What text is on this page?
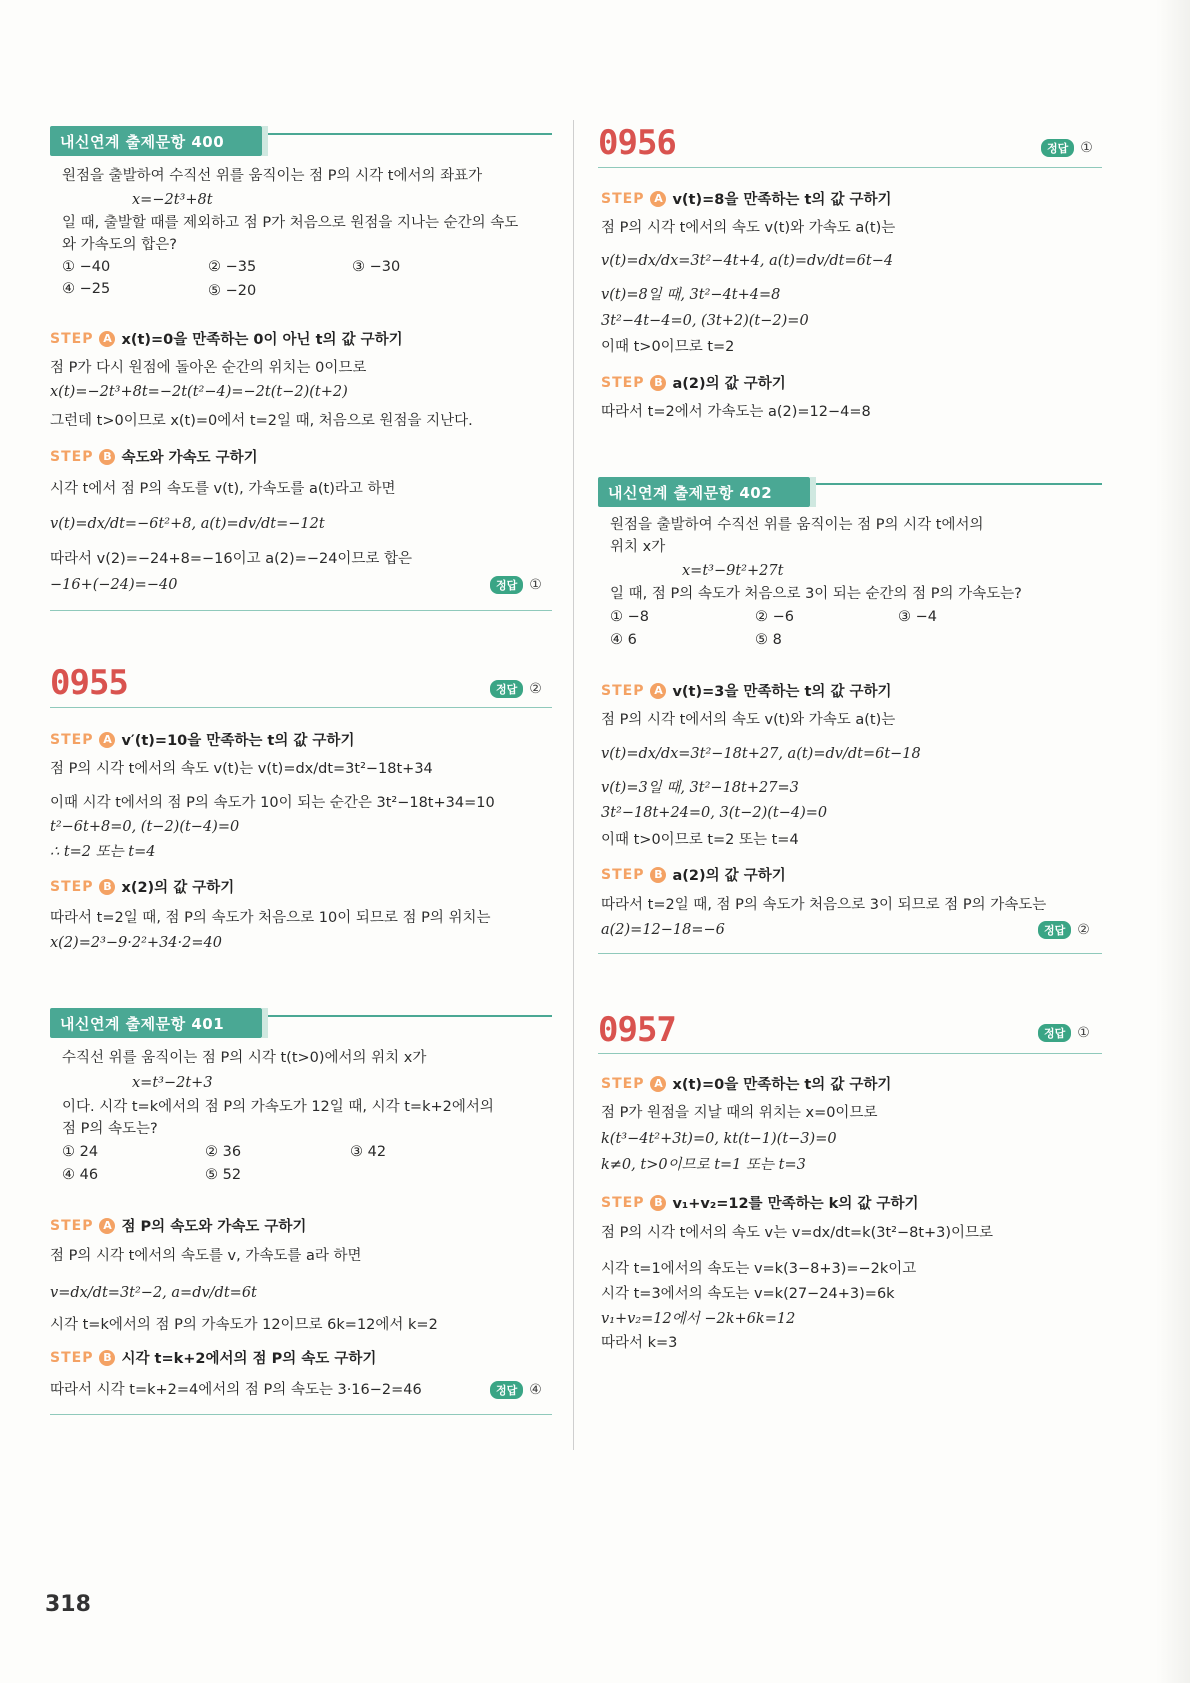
내신연계 출제문항 400
원점을 출발하여 수직선 위를 움직이는 점 P의 시각 t에서의 좌표가
x=−2t³+8t
일 때, 출발할 때를 제외하고 점 P가 처음으로 원점을 지나는 순간의 속도
와 가속도의 합은?
① −40	② −35	③ −30
④ −25	⑤ −20
STEP A x(t)=0을 만족하는 0이 아닌 t의 값 구하기
점 P가 다시 원점에 돌아온 순간의 위치는 0이므로
x(t)=−2t³+8t=−2t(t²−4)=−2t(t−2)(t+2)
그런데 t>0이므로 x(t)=0에서 t=2일 때, 처음으로 원점을 지난다.
STEP B 속도와 가속도 구하기
시각 t에서 점 P의 속도를 v(t), 가속도를 a(t)라고 하면
v(t)=dx/dt=−6t²+8, a(t)=dv/dt=−12t
따라서 v(2)=−24+8=−16이고 a(2)=−24이므로 합은
−16+(−24)=−40	정답 ①
0955	정답 ②
STEP A v′(t)=10을 만족하는 t의 값 구하기
점 P의 시각 t에서의 속도 v(t)는 v(t)=dx/dt=3t²−18t+34
이때 시각 t에서의 점 P의 속도가 10이 되는 순간은 3t²−18t+34=10
t²−6t+8=0, (t−2)(t−4)=0
∴ t=2 또는 t=4
STEP B x(2)의 값 구하기
따라서 t=2일 때, 점 P의 속도가 처음으로 10이 되므로 점 P의 위치는
x(2)=2³−9·2²+34·2=40
내신연계 출제문항 401
수직선 위를 움직이는 점 P의 시각 t(t>0)에서의 위치 x가
x=t³−2t+3
이다. 시각 t=k에서의 점 P의 가속도가 12일 때, 시각 t=k+2에서의
점 P의 속도는?
① 24	② 36	③ 42
④ 46	⑤ 52
STEP A 점 P의 속도와 가속도 구하기
점 P의 시각 t에서의 속도를 v, 가속도를 a라 하면
v=dx/dt=3t²−2, a=dv/dt=6t
시각 t=k에서의 점 P의 가속도가 12이므로 6k=12에서 k=2
STEP B 시각 t=k+2에서의 점 P의 속도 구하기
따라서 시각 t=k+2=4에서의 점 P의 속도는 3·16−2=46	정답 ④
0956	정답 ①
STEP A v(t)=8을 만족하는 t의 값 구하기
점 P의 시각 t에서의 속도 v(t)와 가속도 a(t)는
v(t)=dx/dx=3t²−4t+4, a(t)=dv/dt=6t−4
v(t)=8일 때, 3t²−4t+4=8
3t²−4t−4=0, (3t+2)(t−2)=0
이때 t>0이므로 t=2
STEP B a(2)의 값 구하기
따라서 t=2에서 가속도는 a(2)=12−4=8
내신연계 출제문항 402
원점을 출발하여 수직선 위를 움직이는 점 P의 시각 t에서의
위치 x가
x=t³−9t²+27t
일 때, 점 P의 속도가 처음으로 3이 되는 순간의 점 P의 가속도는?
① −8	② −6	③ −4
④ 6	⑤ 8
STEP A v(t)=3을 만족하는 t의 값 구하기
점 P의 시각 t에서의 속도 v(t)와 가속도 a(t)는
v(t)=dx/dx=3t²−18t+27, a(t)=dv/dt=6t−18
v(t)=3일 때, 3t²−18t+27=3
3t²−18t+24=0, 3(t−2)(t−4)=0
이때 t>0이므로 t=2 또는 t=4
STEP B a(2)의 값 구하기
따라서 t=2일 때, 점 P의 속도가 처음으로 3이 되므로 점 P의 가속도는
a(2)=12−18=−6	정답 ②
0957	정답 ①
STEP A x(t)=0을 만족하는 t의 값 구하기
점 P가 원점을 지날 때의 위치는 x=0이므로
k(t³−4t²+3t)=0, kt(t−1)(t−3)=0
k≠0, t>0이므로 t=1 또는 t=3
STEP B v₁+v₂=12를 만족하는 k의 값 구하기
점 P의 시각 t에서의 속도 v는 v=dx/dt=k(3t²−8t+3)이므로
시각 t=1에서의 속도는 v=k(3−8+3)=−2k이고
시각 t=3에서의 속도는 v=k(27−24+3)=6k
v₁+v₂=12에서 −2k+6k=12
따라서 k=3
318
